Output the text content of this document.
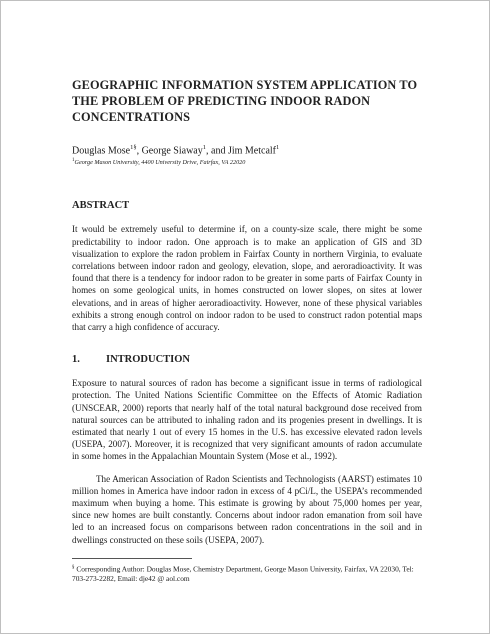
GEOGRAPHIC INFORMATION SYSTEM APPLICATION TO THE PROBLEM OF PREDICTING INDOOR RADON CONCENTRATIONS
Douglas Mose$^{1\S}$, George Siaway$^1$, and Jim Metcalf$^1$
$^1$George Mason University, 4400 University Drive, Fairfax, VA 22020
ABSTRACT

It would be extremely useful to determine if, on a county-size scale, there might be some predictability to indoor radon. One approach is to make an application of GIS and 3D visualization to explore the radon problem in Fairfax County in northern Virginia, to evaluate correlations between indoor radon and geology, elevation, slope, and aeroradioactivity. It was found that there is a tendency for indoor radon to be greater in some parts of Fairfax County in homes on some geological units, in homes constructed on lower slopes, on sites at lower elevations, and in areas of higher aeroradioactivity. However, none of these physical variables exhibits a strong enough control on indoor radon to be used to construct radon potential maps that carry a high confidence of accuracy.

1.	INTRODUCTION

Exposure to natural sources of radon has become a significant issue in terms of radiological protection. The United Nations Scientific Committee on the Effects of Atomic Radiation (UNSCEAR, 2000) reports that nearly half of the total natural background dose received from natural sources can be attributed to inhaling radon and its progenies present in dwellings. It is estimated that nearly 1 out of every 15 homes in the U.S. has excessive elevated radon levels (USEPA, 2007). Moreover, it is recognized that very significant amounts of radon accumulate in some homes in the Appalachian Mountain System (Mose et al., 1992).

The American Association of Radon Scientists and Technologists (AARST) estimates 10 million homes in America have indoor radon in excess of 4 pCi/L, the USEPA’s recommended maximum when buying a home. This estimate is growing by about 75,000 homes per year, since new homes are built constantly. Concerns about indoor radon emanation from soil have led to an increased focus on comparisons between radon concentrations in the soil and in dwellings constructed on these soils (USEPA, 2007).

§ Corresponding Author: Douglas Mose, Chemistry Department, George Mason University, Fairfax, VA 22030, Tel: 703-273-2282, Email: dje42 @ aol.com
